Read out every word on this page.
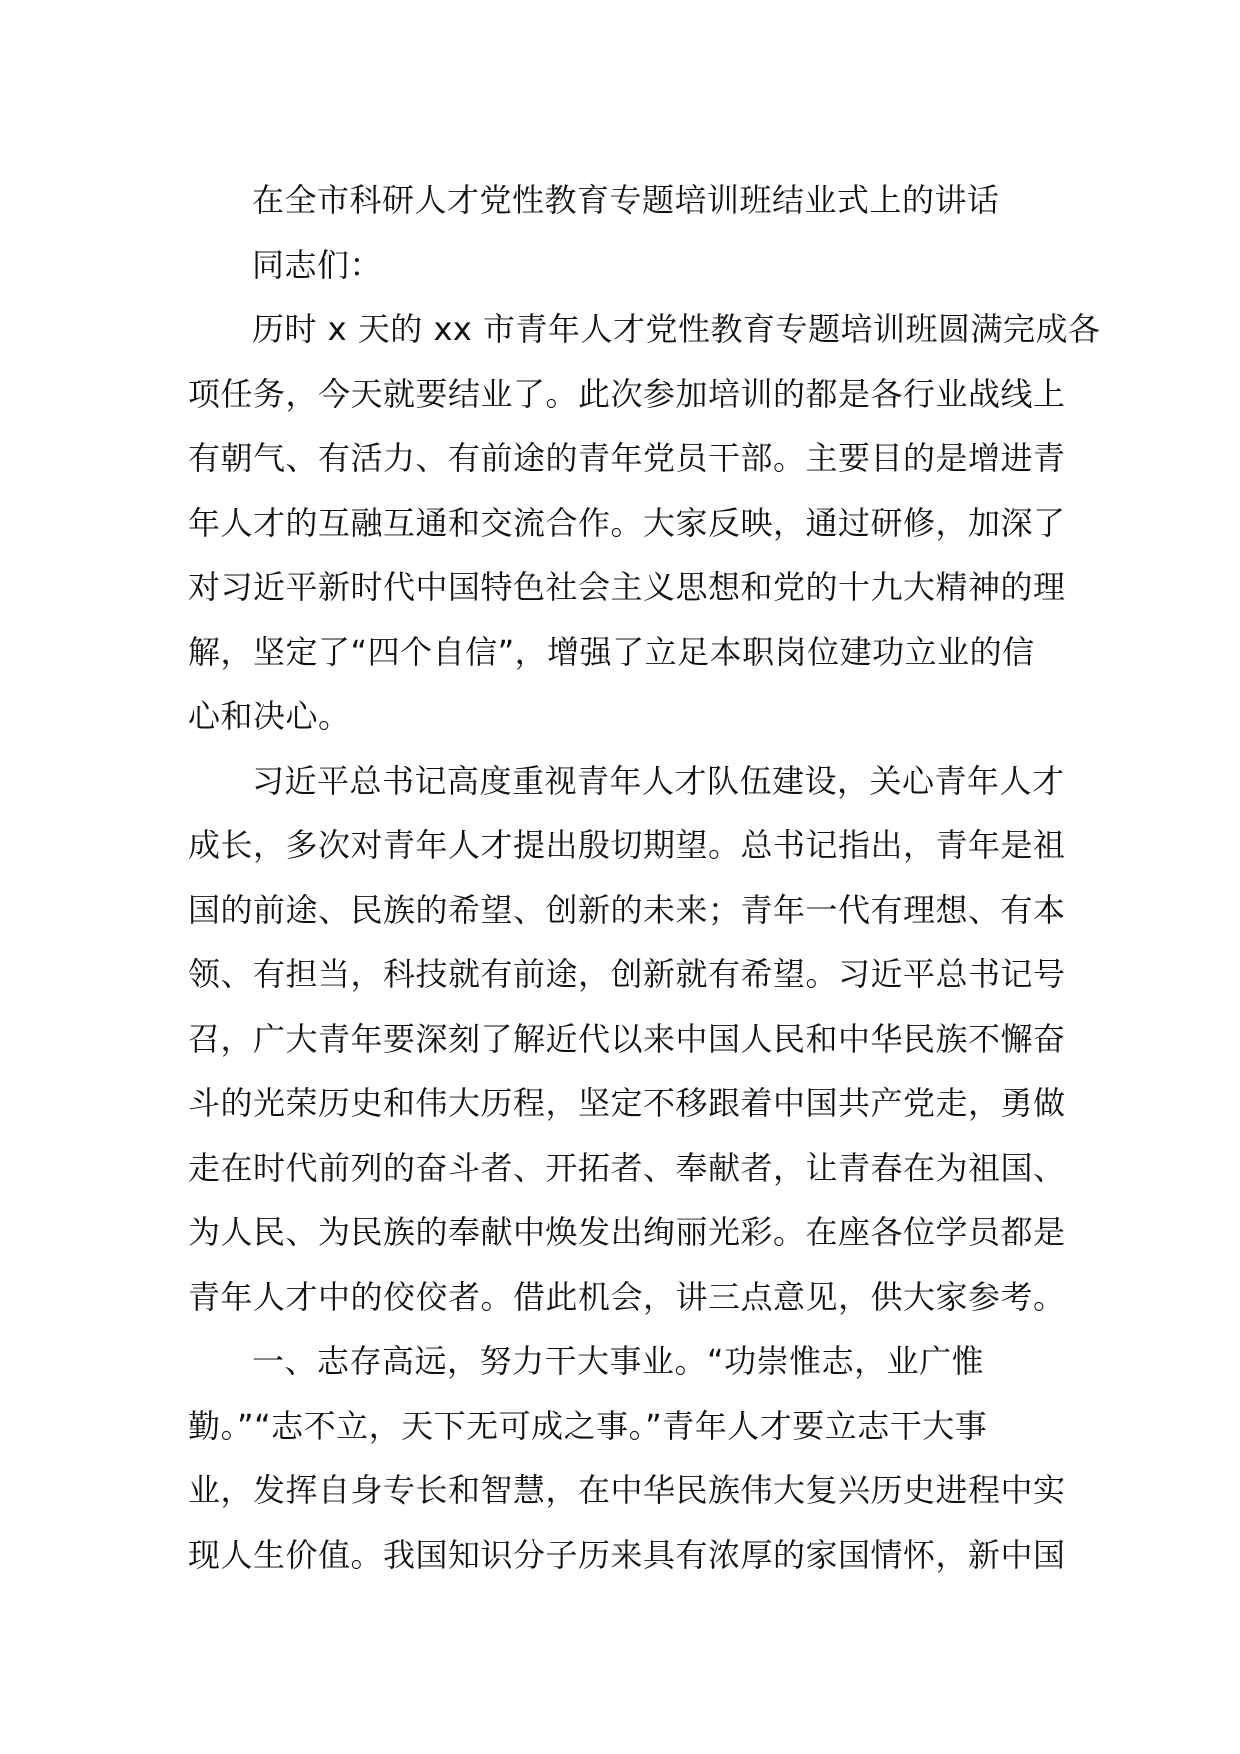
在全市科研人才党性教育专题培训班结业式上的讲话

同志们：

历时 x 天的 xx 市青年人才党性教育专题培训班圆满完成各

项任务，今天就要结业了。此次参加培训的都是各行业战线上

有朝气、有活力、有前途的青年党员干部。主要目的是增进青

年人才的互融互通和交流合作。大家反映，通过研修，加深了

对习近平新时代中国特色社会主义思想和党的十九大精神的理

解，坚定了“四个自信”，增强了立足本职岗位建功立业的信

心和决心。

习近平总书记高度重视青年人才队伍建设，关心青年人才

成长，多次对青年人才提出殷切期望。总书记指出，青年是祖

国的前途、民族的希望、创新的未来；青年一代有理想、有本

领、有担当，科技就有前途，创新就有希望。习近平总书记号

召，广大青年要深刻了解近代以来中国人民和中华民族不懈奋

斗的光荣历史和伟大历程，坚定不移跟着中国共产党走，勇做

走在时代前列的奋斗者、开拓者、奉献者，让青春在为祖国、

为人民、为民族的奉献中焕发出绚丽光彩。在座各位学员都是

青年人才中的佼佼者。借此机会，讲三点意见，供大家参考。

一、志存高远，努力干大事业。“功崇惟志，业广惟

勤。”“志不立，天下无可成之事。”青年人才要立志干大事

业，发挥自身专长和智慧，在中华民族伟大复兴历史进程中实

现人生价值。我国知识分子历来具有浓厚的家国情怀，新中国
